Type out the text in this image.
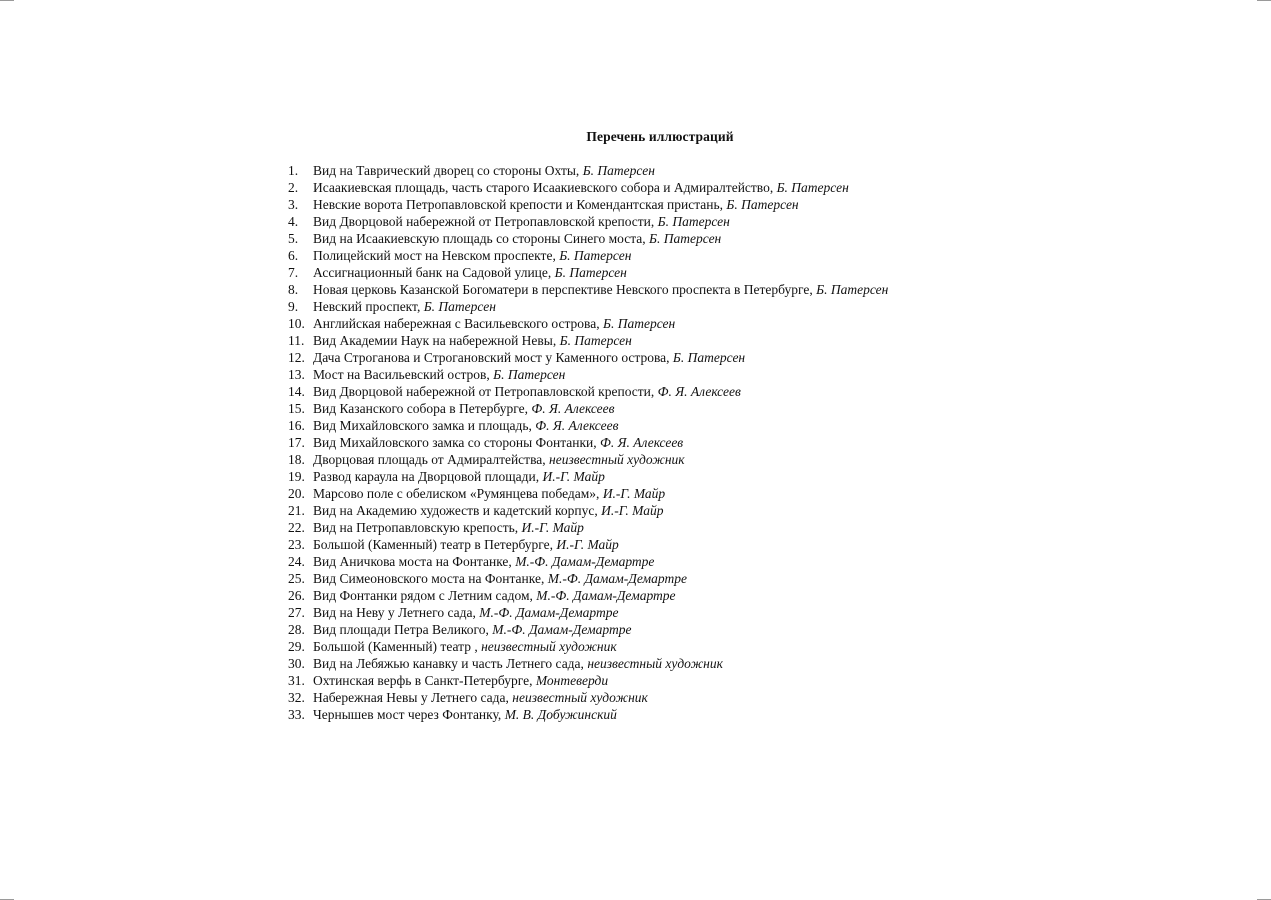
Перечень иллюстраций
1.	Вид на Таврический дворец со стороны Охты, Б. Патерсен
2.	Исаакиевская площадь, часть старого Исаакиевского собора и Адмиралтейство, Б. Патерсен
3.	Невские ворота Петропавловской крепости и Комендантская пристань, Б. Патерсен
4.	Вид Дворцовой набережной от Петропавловской крепости, Б. Патерсен
5.	Вид на Исаакиевскую площадь со стороны Синего моста, Б. Патерсен
6.	Полицейский мост на Невском проспекте, Б. Патерсен
7.	Ассигнационный банк на Садовой улице, Б. Патерсен
8.	Новая церковь Казанской Богоматери в перспективе Невского проспекта в Петербурге, Б. Патерсен
9.	Невский проспект, Б. Патерсен
10. Английская набережная с Васильевского острова, Б. Патерсен
11. Вид Академии Наук на набережной Невы, Б. Патерсен
12. Дача Строганова и Строгановский мост у Каменного острова, Б. Патерсен
13. Мост на Васильевский остров, Б. Патерсен
14. Вид Дворцовой набережной от Петропавловской крепости, Ф. Я. Алексеев
15. Вид Казанского собора в Петербурге, Ф. Я. Алексеев
16. Вид Михайловского замка и площадь, Ф. Я. Алексеев
17. Вид Михайловского замка со стороны Фонтанки, Ф. Я. Алексеев
18. Дворцовая площадь от Адмиралтейства, неизвестный художник
19. Развод караула на Дворцовой площади, И.-Г. Майр
20. Марсово поле с обелиском «Румянцева победам», И.-Г. Майр
21. Вид на Академию художеств и кадетский корпус, И.-Г. Майр
22. Вид на Петропавловскую крепость, И.-Г. Майр
23. Большой (Каменный) театр в Петербурге, И.-Г. Майр
24. Вид Аничкова моста на Фонтанке, М.-Ф. Дамам-Демартре
25. Вид Симеоновского моста на Фонтанке, М.-Ф. Дамам-Демартре
26. Вид Фонтанки рядом с Летним садом, М.-Ф. Дамам-Демартре
27. Вид на Неву у Летнего сада, М.-Ф. Дамам-Демартре
28. Вид площади Петра Великого, М.-Ф. Дамам-Демартре
29. Большой (Каменный) театр , неизвестный художник
30. Вид на Лебяжью канавку и часть Летнего сада, неизвестный художник
31. Охтинская верфь в Санкт-Петербурге, Монтеверди
32. Набережная Невы у Летнего сада, неизвестный художник
33. Чернышев мост через Фонтанку, М. В. Добужинский
